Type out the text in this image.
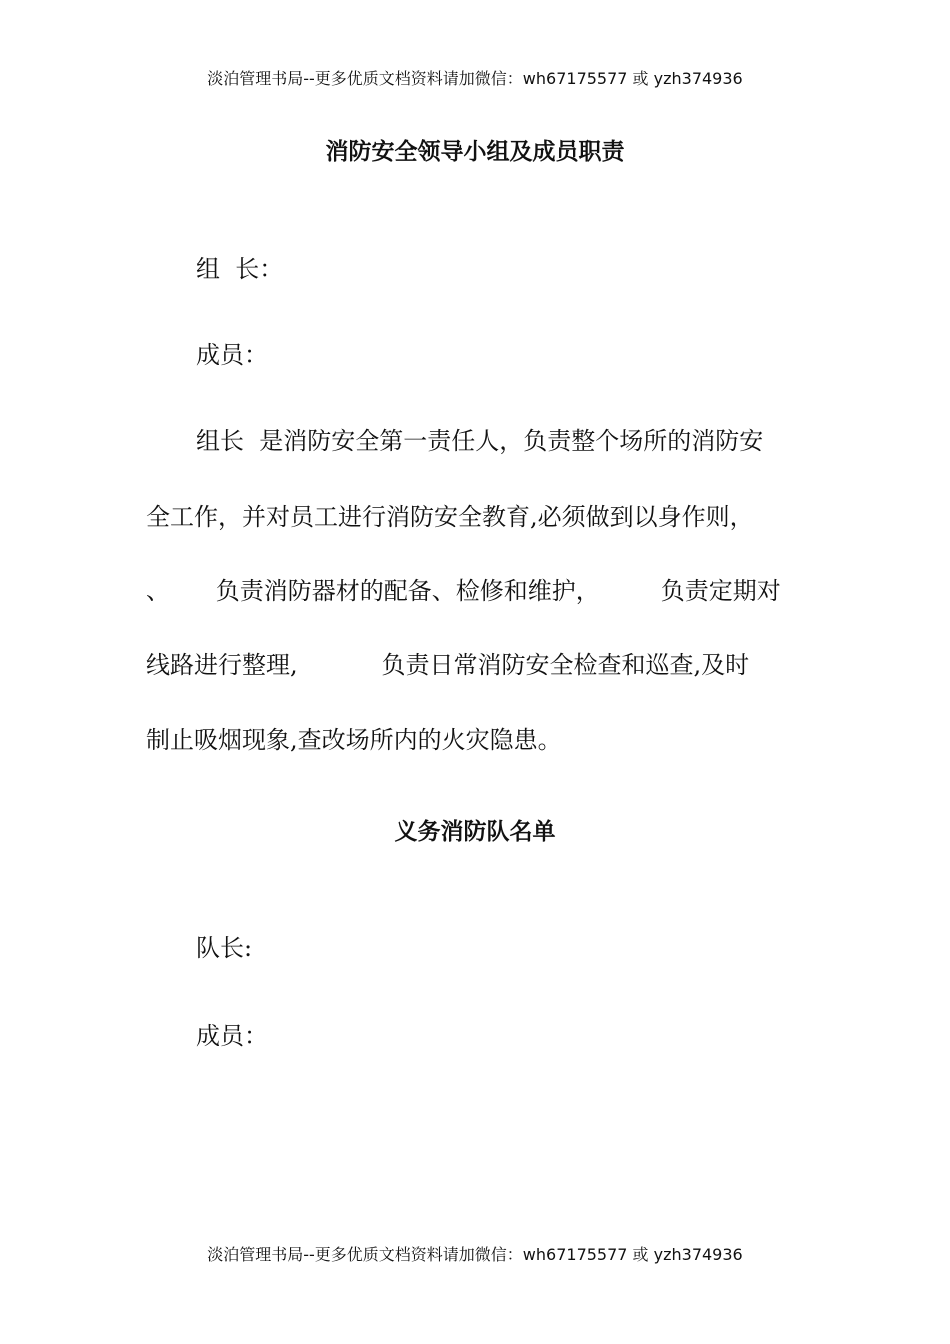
淡泊管理书局--更多优质文档资料请加微信：wh67175577 或 yzh374936
消防安全领导小组及成员职责
组  长：
成员：
组长  是消防安全第一责任人，负责整个场所的消防安
全工作，并对员工进行消防安全教育,必须做到以身作则，
、      负责消防器材的配备、检修和维护，        负责定期对
线路进行整理,           负责日常消防安全检查和巡查,及时
制止吸烟现象,查改场所内的火灾隐患。
义务消防队名单
队长:
成员：
淡泊管理书局--更多优质文档资料请加微信：wh67175577 或 yzh374936
